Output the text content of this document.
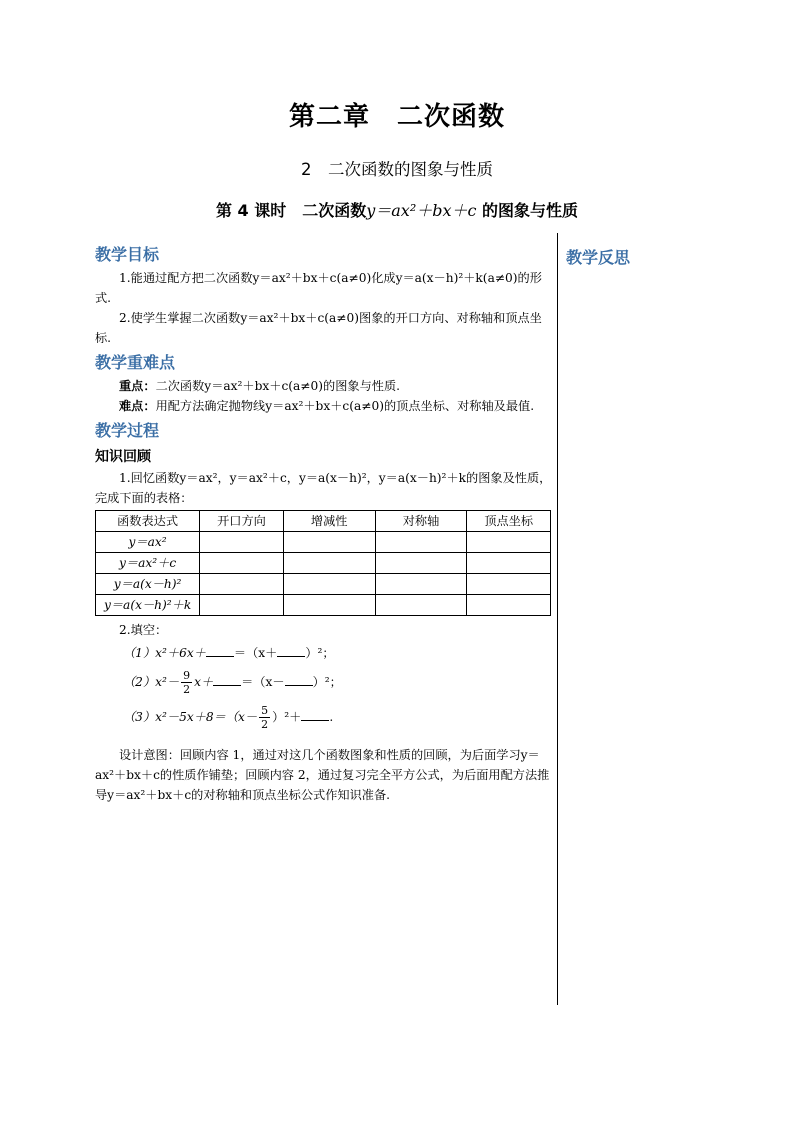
第二章　二次函数
2　二次函数的图象与性质
第 4 课时　二次函数y＝ax²＋bx＋c 的图象与性质
教学反思
教学目标

1.能通过配方把二次函数y＝ax²＋bx＋c(a≠0)化成y＝a(x－h)²＋k(a≠0)的形式.

2.使学生掌握二次函数y＝ax²＋bx＋c(a≠0)图象的开口方向、对称轴和顶点坐标.

教学重难点

重点：二次函数y＝ax²＋bx＋c(a≠0)的图象与性质.

难点：用配方法确定抛物线y＝ax²＋bx＋c(a≠0)的顶点坐标、对称轴及最值.

教学过程
知识回顾

1.回忆函数y＝ax²，y＝ax²＋c，y＝a(x－h)²，y＝a(x－h)²＋k的图象及性质，完成下面的表格：

函数表达式	开口方向	增减性	对称轴	顶点坐标
y＝ax²				
y＝ax²＋c				
y＝a(x－h)²				
y＝a(x－h)²＋k				

2.填空：

（1）x²＋6x＋ ＝（x＋ ）²；
$(2)x^2- \frac{9}{2} x+ =(x- )^2$；
$(3)x^2-5x+8=(x- \frac{5}{2} )^2+$ .

设计意图：回顾内容 1，通过对这几个函数图象和性质的回顾，为后面学习y＝ax²＋bx＋c的性质作铺垫；回顾内容 2，通过复习完全平方公式，为后面用配方法推导y＝ax²＋bx＋c的对称轴和顶点坐标公式作知识准备.
